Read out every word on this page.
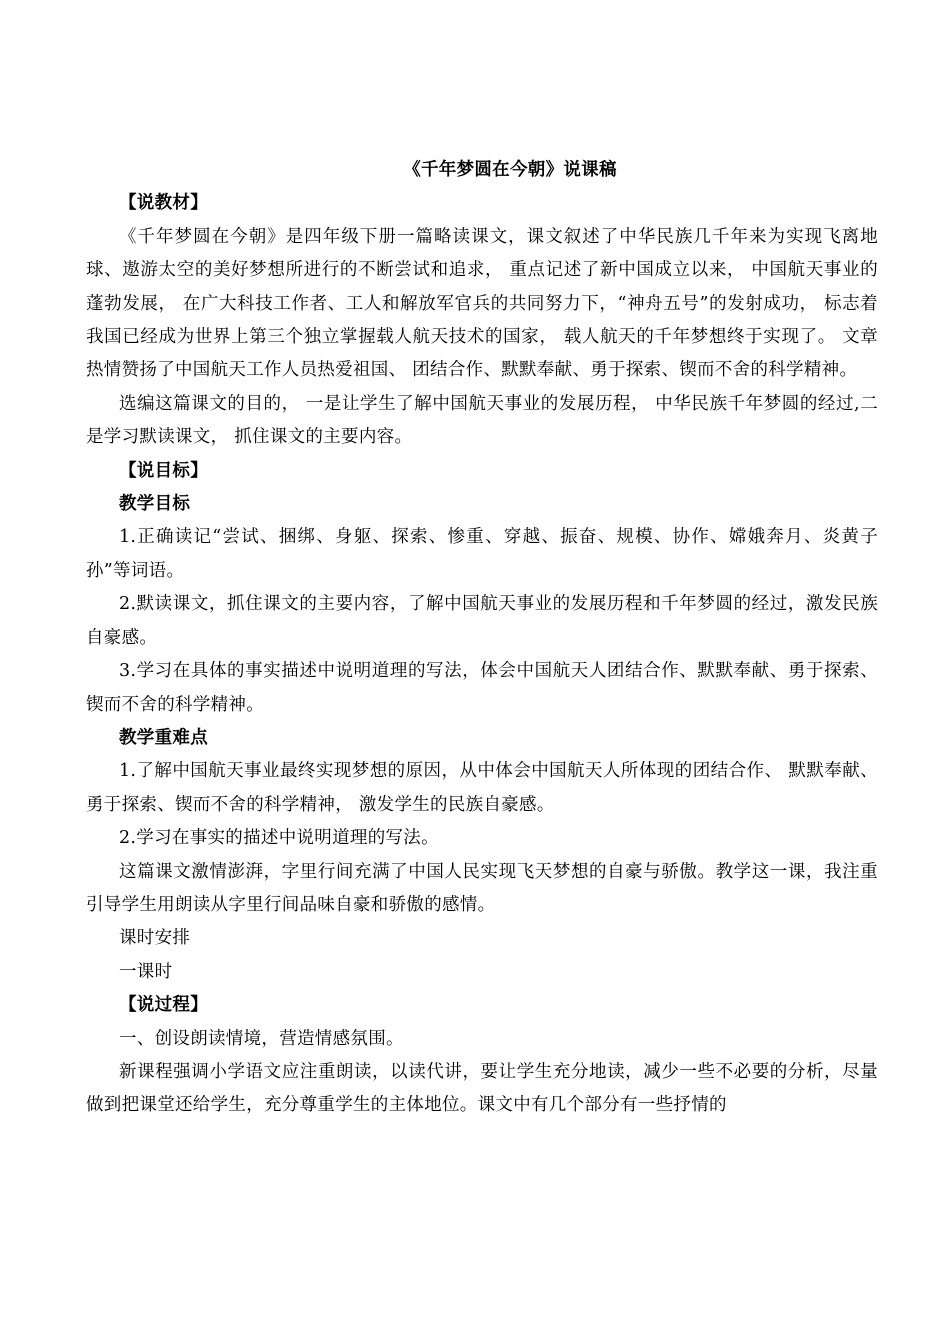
《千年梦圆在今朝》说课稿
【说教材】

《千年梦圆在今朝》是四年级下册一篇略读课文，课文叙述了中华民族几千年来为实现飞离地球、遨游太空的美好梦想所进行的不断尝试和追求， 重点记述了新中国成立以来， 中国航天事业的蓬勃发展， 在广大科技工作者、工人和解放军官兵的共同努力下，“神舟五号”的发射成功， 标志着我国已经成为世界上第三个独立掌握载人航天技术的国家， 载人航天的千年梦想终于实现了。 文章热情赞扬了中国航天工作人员热爱祖国、 团结合作、默默奉献、勇于探索、锲而不舍的科学精神。

选编这篇课文的目的， 一是让学生了解中国航天事业的发展历程， 中华民族千年梦圆的经过,二是学习默读课文， 抓住课文的主要内容。

【说目标】
教学目标

1.正确读记“尝试、捆绑、身躯、探索、惨重、穿越、振奋、规模、协作、嫦娥奔月、炎黄子孙”等词语。

2.默读课文，抓住课文的主要内容，了解中国航天事业的发展历程和千年梦圆的经过，激发民族自豪感。

3.学习在具体的事实描述中说明道理的写法，体会中国航天人团结合作、默默奉献、勇于探索、锲而不舍的科学精神。

教学重难点

1.了解中国航天事业最终实现梦想的原因，从中体会中国航天人所体现的团结合作、 默默奉献、 勇于探索、锲而不舍的科学精神， 激发学生的民族自豪感。

2.学习在事实的描述中说明道理的写法。

这篇课文激情澎湃，字里行间充满了中国人民实现飞天梦想的自豪与骄傲。教学这一课，我注重引导学生用朗读从字里行间品味自豪和骄傲的感情。

课时安排
一课时
【说过程】

一、创设朗读情境，营造情感氛围。

新课程强调小学语文应注重朗读，以读代讲，要让学生充分地读，减少一些不必要的分析，尽量做到把课堂还给学生，充分尊重学生的主体地位。课文中有几个部分有一些抒情的
